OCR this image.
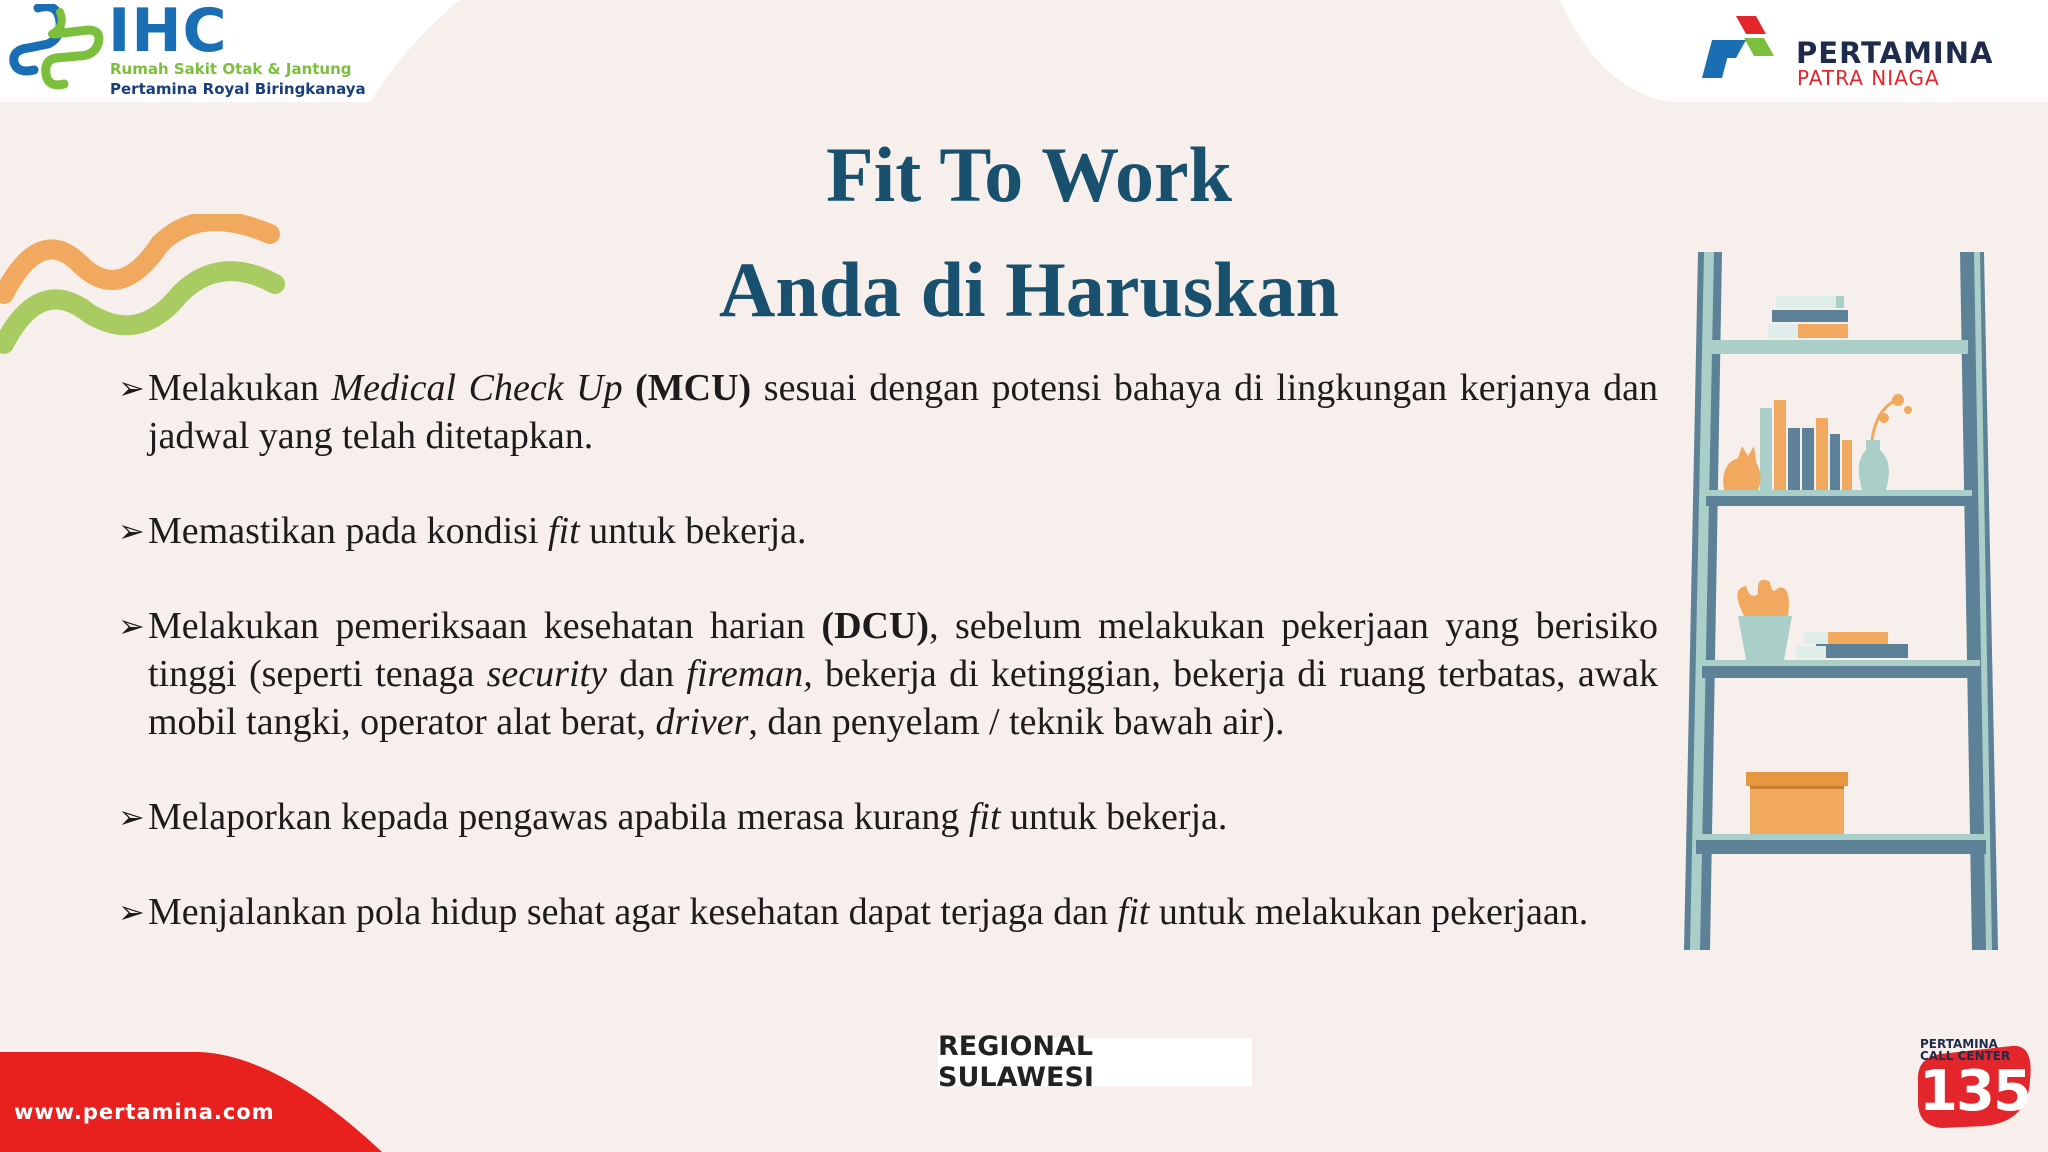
IHC
Rumah Sakit Otak & Jantung
Pertamina Royal Biringkanaya
PERTAMINA
PATRA NIAGA
Fit To Work
Anda di Haruskan
➢ Melakukan Medical Check Up (MCU) sesuai dengan potensi bahaya di lingkungan kerjanya dan jadwal yang telah ditetapkan.
➢ Memastikan pada kondisi fit untuk bekerja.
➢ Melakukan pemeriksaan kesehatan harian (DCU), sebelum melakukan pekerjaan yang berisiko tinggi (seperti tenaga security dan fireman, bekerja di ketinggian, bekerja di ruang terbatas, awak mobil tangki, operator alat berat, driver, dan penyelam / teknik bawah air).
➢ Melaporkan kepada pengawas apabila merasa kurang fit untuk bekerja.
➢ Menjalankan pola hidup sehat agar kesehatan dapat terjaga dan fit untuk melakukan pekerjaan.
www.pertamina.com
REGIONAL SULAWESI
PERTAMINA
CALL CENTER
135
